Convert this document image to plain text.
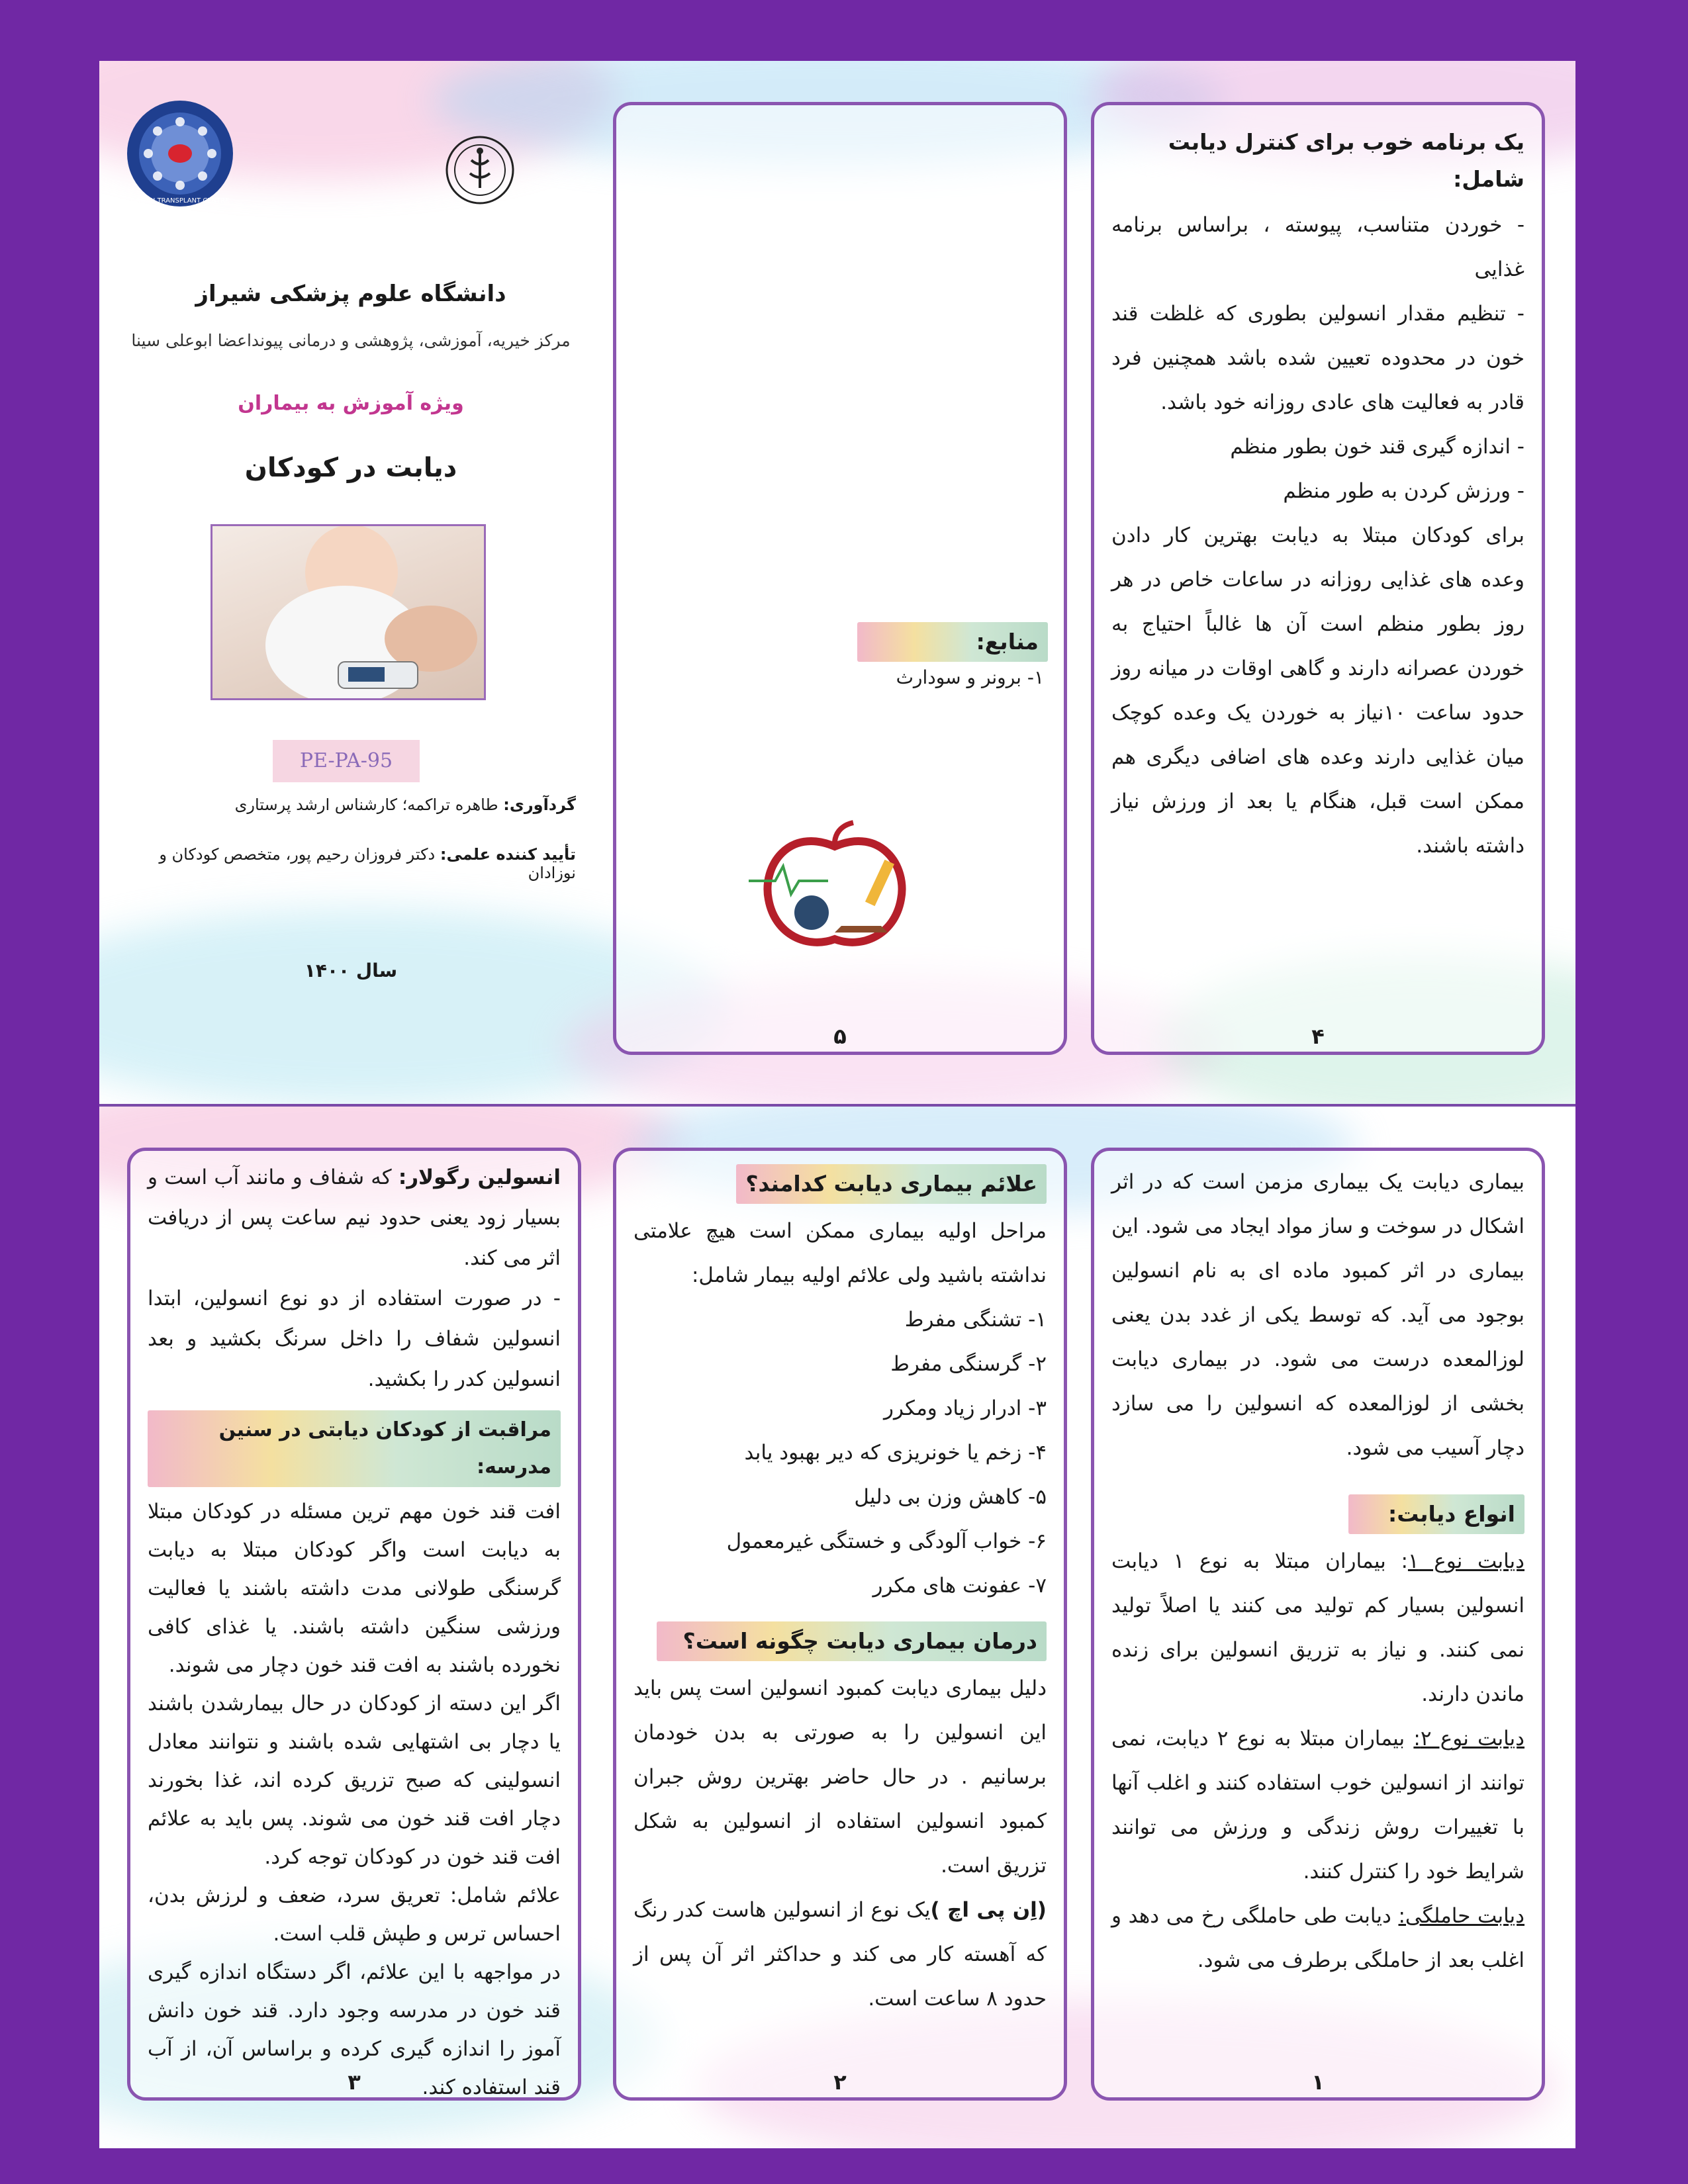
ORGAN TRANSPLANT CENTRE
دانشگاه علوم پزشکی شیراز
مرکز خیریه، آموزشی، پژوهشی و درمانی پیونداعضا ابوعلی سینا
ویژه آموزش به بیماران
دیابت در کودکان
PE-PA-95
گردآوری: طاهره تراکمه؛ کارشناس ارشد پرستاری
تأیید کننده علمی: دکتر فروزان رحیم پور، متخصص کودکان و نوزادان
سال ۱۴۰۰
منابع:
۱- برونر و سودارث
۵
یک برنامه خوب برای کنترل دیابت شامل:

- خوردن متناسب، پیوسته ، براساس برنامه غذایی

- تنظیم مقدار انسولین بطوری که غلظت قند خون در محدوده تعیین شده باشد همچنین فرد قادر به فعالیت های عادی روزانه خود باشد.

- اندازه گیری قند خون بطور منظم

- ورزش کردن به طور منظم

برای کودکان مبتلا به دیابت بهترین کار دادن وعده های غذایی روزانه در ساعات خاص در هر روز بطور منظم است آن ها غالباً احتیاج به خوردن عصرانه دارند و گاهی اوقات در میانه روز حدود ساعت ۱۰نیاز به خوردن یک وعده کوچک میان غذایی دارند وعده های اضافی دیگری هم ممکن است قبل، هنگام یا بعد از ورزش نیاز داشته باشند.

۴

انسولین رگولار: که شفاف و مانند آب است و بسیار زود یعنی حدود نیم ساعت پس از دریافت اثر می کند.

- در صورت استفاده از دو نوع انسولین، ابتدا انسولین شفاف را داخل سرنگ بکشید و بعد انسولین کدر را بکشید.

مراقبت از کودکان دیابتی در سنین مدرسه:

افت قند خون مهم ترین مسئله در کودکان مبتلا به دیابت است واگر کودکان مبتلا به دیابت گرسنگی طولانی مدت داشته باشند یا فعالیت ورزشی سنگین داشته باشند. یا غذای کافی نخورده باشند به افت قند خون دچار می شوند.

اگر این دسته از کودکان در حال بیمارشدن باشند یا دچار بی اشتهایی شده باشند و نتوانند معادل انسولینی که صبح تزریق کرده اند، غذا بخورند دچار افت قند خون می شوند. پس باید به علائم افت قند خون در کودکان توجه کرد.

علائم شامل: تعریق سرد، ضعف و لرزش بدن، احساس ترس و طپش قلب است.

در مواجهه با این علائم، اگر دستگاه اندازه گیری قند خون در مدرسه وجود دارد. قند خون دانش آموز را اندازه گیری کرده و براساس آن، از آب قند استفاده کند.

۳
علائم بیماری دیابت کدامند؟

مراحل اولیه بیماری ممکن است هیچ علامتی نداشته باشید ولی علائم اولیه بیمار شامل:

۱- تشنگی مفرط

۲- گرسنگی مفرط

۳- ادرار زیاد ومکرر

۴- زخم یا خونریزی که دیر بهبود یابد

۵- کاهش وزن بی دلیل

۶- خواب آلودگی و خستگی غیرمعمول

۷- عفونت های مکرر

درمان بیماری دیابت چگونه است؟

دلیل بیماری دیابت کمبود انسولین است پس باید این انسولین را به صورتی به بدن خودمان برسانیم . در حال حاضر بهترین روش جبران کمبود انسولین استفاده از انسولین به شکل تزریق است.

(اِن پی اچ )یک نوع از انسولین هاست کدر رنگ که آهسته کار می کند و حداکثر اثر آن پس از حدود ۸ ساعت است.

۲

بیماری دیابت یک بیماری مزمن است که در اثر اشکال در سوخت و ساز مواد ایجاد می شود. این بیماری در اثر کمبود ماده ای به نام انسولین بوجود می آید. که توسط یکی از غدد بدن یعنی لوزالمعده درست می شود. در بیماری دیابت بخشی از لوزالمعده که انسولین را می سازد دچار آسیب می شود.

انواع دیابت:

دیابت نوع ۱: بیماران مبتلا به نوع ۱ دیابت انسولین بسیار کم تولید می کنند یا اصلاً تولید نمی کنند. و نیاز به تزریق انسولین برای زنده ماندن دارند.

دیابت نوع ۲: بیماران مبتلا به نوع ۲ دیابت، نمی توانند از انسولین خوب استفاده کنند و اغلب آنها با تغییرات روش زندگی و ورزش می توانند شرایط خود را کنترل کنند.

دیابت حاملگی: دیابت طی حاملگی رخ می دهد و اغلب بعد از حاملگی برطرف می شود.

۱
